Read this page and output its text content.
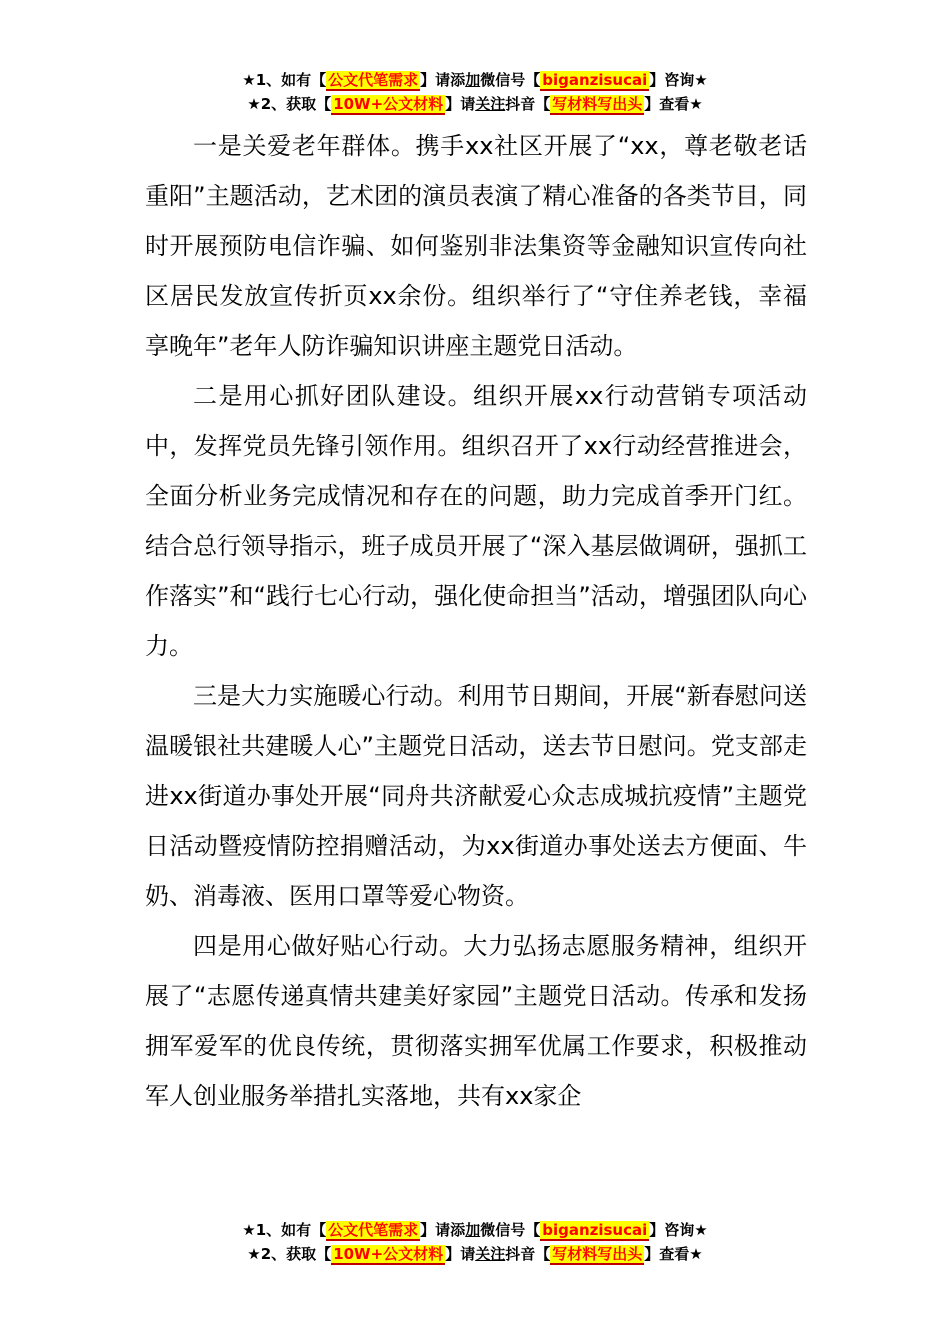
★1、如有【 公文代笔需求 】请添加微信号【 biganzisucai 】咨询★
★2、获取【 10W+公文材料 】请关注抖音【 写材料写出头 】查看★

一是关爱老年群体。携手xx社区开展了“xx，尊老敬老话重阳”主题活动，艺术团的演员表演了精心准备的各类节目，同时开展预防电信诈骗、如何鉴别非法集资等金融知识宣传向社区居民发放宣传折页xx余份。组织举行了“守住养老钱，幸福享晚年”老年人防诈骗知识讲座主题党日活动。

二是用心抓好团队建设。组织开展xx行动营销专项活动中，发挥党员先锋引领作用。组织召开了xx行动经营推进会，全面分析业务完成情况和存在的问题，助力完成首季开门红。结合总行领导指示，班子成员开展了“深入基层做调研，强抓工作落实”和“践行七心行动，强化使命担当”活动，增强团队向心力。

三是大力实施暖心行动。利用节日期间，开展“新春慰问送温暖银社共建暖人心”主题党日活动，送去节日慰问。党支部走进xx街道办事处开展“同舟共济献爱心众志成城抗疫情”主题党日活动暨疫情防控捐赠活动，为xx街道办事处送去方便面、牛奶、消毒液、医用口罩等爱心物资。

四是用心做好贴心行动。大力弘扬志愿服务精神，组织开展了“志愿传递真情共建美好家园”主题党日活动。传承和发扬拥军爱军的优良传统，贯彻落实拥军优属工作要求，积极推动军人创业服务举措扎实落地，共有xx家企

★1、如有【 公文代笔需求 】请添加微信号【 biganzisucai 】咨询★
★2、获取【 10W+公文材料 】请关注抖音【 写材料写出头 】查看★
